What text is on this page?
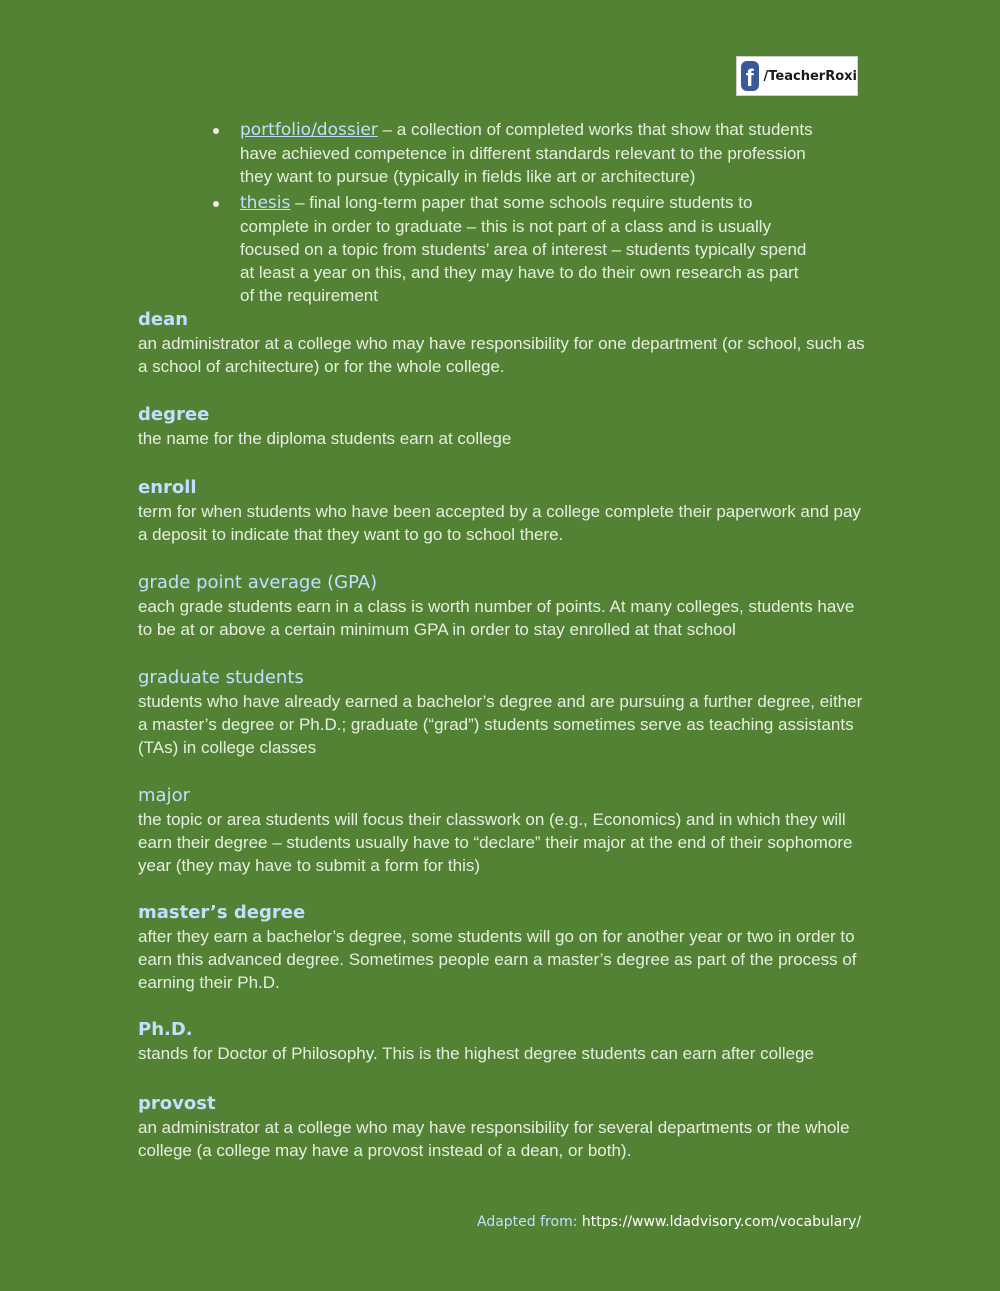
f /TeacherRoxi
portfolio/dossier – a collection of completed works that show that students have achieved competence in different standards relevant to the profession they want to pursue (typically in fields like art or architecture)
thesis – final long-term paper that some schools require students to complete in order to graduate – this is not part of a class and is usually focused on a topic from students’ area of interest – students typically spend at least a year on this, and they may have to do their own research as part of the requirement
dean
an administrator at a college who may have responsibility for one department (or school, such as a school of architecture) or for the whole college.
degree
the name for the diploma students earn at college
enroll
term for when students who have been accepted by a college complete their paperwork and pay a deposit to indicate that they want to go to school there.
grade point average (GPA)
each grade students earn in a class is worth number of points. At many colleges, students have to be at or above a certain minimum GPA in order to stay enrolled at that school
graduate students
students who have already earned a bachelor’s degree and are pursuing a further degree, either a master’s degree or Ph.D.; graduate (“grad”) students sometimes serve as teaching assistants (TAs) in college classes
major
the topic or area students will focus their classwork on (e.g., Economics) and in which they will earn their degree – students usually have to “declare” their major at the end of their sophomore year (they may have to submit a form for this)
master’s degree
after they earn a bachelor’s degree, some students will go on for another year or two in order to earn this advanced degree. Sometimes people earn a master’s degree as part of the process of earning their Ph.D.
Ph.D.
stands for Doctor of Philosophy. This is the highest degree students can earn after college
provost
an administrator at a college who may have responsibility for several departments or the whole college (a college may have a provost instead of a dean, or both).
Adapted from: https://www.ldadvisory.com/vocabulary/
